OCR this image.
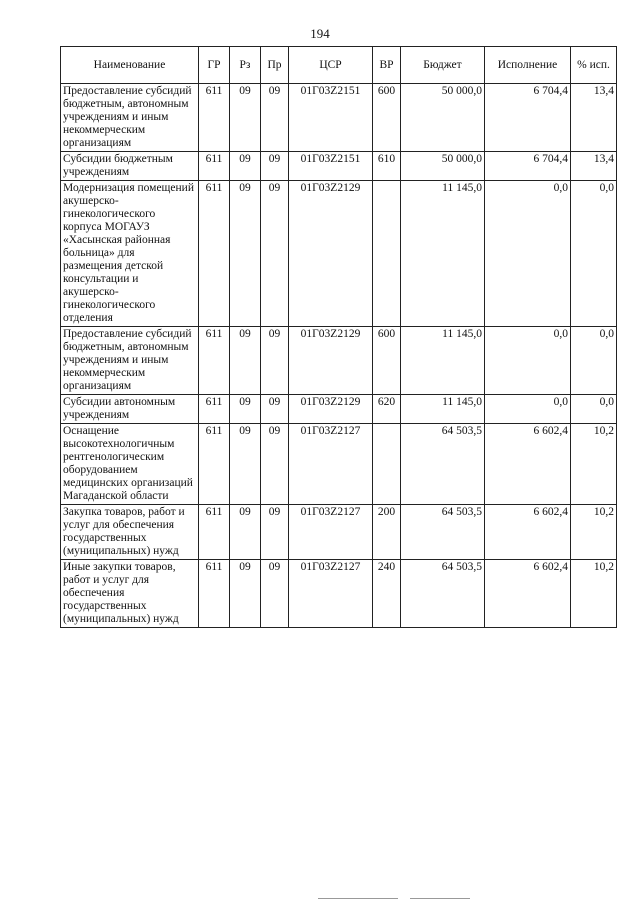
194
Наименование	ГР	Рз	Пр	ЦСР	ВР	Бюджет	Исполнение	% исп.
Предоставление субсидий бюджетным, автономным учреждениям и иным некоммерческим организациям	611	09	09	01Г03Z2151	600	50 000,0	6 704,4	13,4
Субсидии бюджетным учреждениям	611	09	09	01Г03Z2151	610	50 000,0	6 704,4	13,4
Модернизация помещений акушерско-гинекологического корпуса МОГАУЗ «Хасынская районная больница» для размещения детской консультации и акушерско-гинекологического отделения	611	09	09	01Г03Z2129		11 145,0	0,0	0,0
Предоставление субсидий бюджетным, автономным учреждениям и иным некоммерческим организациям	611	09	09	01Г03Z2129	600	11 145,0	0,0	0,0
Субсидии автономным учреждениям	611	09	09	01Г03Z2129	620	11 145,0	0,0	0,0
Оснащение высокотехнологичным рентгенологическим оборудованием медицинских организаций Магаданской области	611	09	09	01Г03Z2127		64 503,5	6 602,4	10,2
Закупка товаров, работ и услуг для обеспечения государственных (муниципальных) нужд	611	09	09	01Г03Z2127	200	64 503,5	6 602,4	10,2
Иные закупки товаров, работ и услуг для обеспечения государственных (муниципальных) нужд	611	09	09	01Г03Z2127	240	64 503,5	6 602,4	10,2
